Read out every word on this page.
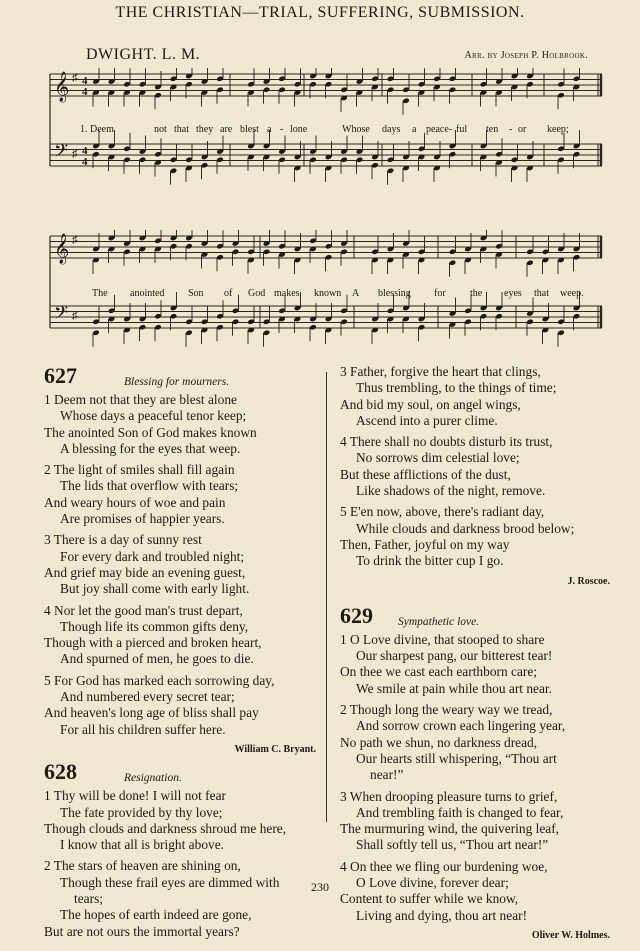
THE CHRISTIAN—TRIAL, SUFFERING, SUBMISSION.
DWIGHT. L. M.	Arr. by Joseph P. Holbrook.
𝄞
𝄢
♯
♯
4
4
4
4
1. Deem	not that they are blest a - lone	Whose days a peace - ful ten - or keep;
𝄞
𝄢
♯
♯
The anointed Son of God makes known A blessing for the eyes that weep.
627	Blessing for mourners.
1 Deem not that they are blest alone
Whose days a peaceful tenor keep;
The anointed Son of God makes known
A blessing for the eyes that weep.
2 The light of smiles shall fill again
The lids that overflow with tears;
And weary hours of woe and pain
Are promises of happier years.
3 There is a day of sunny rest
For every dark and troubled night;
And grief may bide an evening guest,
But joy shall come with early light.
4 Nor let the good man's trust depart,
Though life its common gifts deny,
Though with a pierced and broken heart,
And spurned of men, he goes to die.
5 For God has marked each sorrowing day,
And numbered every secret tear;
And heaven's long age of bliss shall pay
For all his children suffer here.
William C. Bryant.
628	Resignation.
1 Thy will be done! I will not fear
The fate provided by thy love;
Though clouds and darkness shroud me here,
I know that all is bright above.
2 The stars of heaven are shining on,
Though these frail eyes are dimmed with
tears;
The hopes of earth indeed are gone,
But are not ours the immortal years?
3 Father, forgive the heart that clings,
Thus trembling, to the things of time;
And bid my soul, on angel wings,
Ascend into a purer clime.
4 There shall no doubts disturb its trust,
No sorrows dim celestial love;
But these afflictions of the dust,
Like shadows of the night, remove.
5 E'en now, above, there's radiant day,
While clouds and darkness brood below;
Then, Father, joyful on my way
To drink the bitter cup I go.
J. Roscoe.
629 Sympathetic love.
1 O Love divine, that stooped to share
Our sharpest pang, our bitterest tear!
On thee we cast each earthborn care;
We smile at pain while thou art near.
2 Though long the weary way we tread,
And sorrow crown each lingering year,
No path we shun, no darkness dread,
Our hearts still whispering, “Thou art
near!”
3 When drooping pleasure turns to grief,
And trembling faith is changed to fear,
The murmuring wind, the quivering leaf,
Shall softly tell us, “Thou art near!”
4 On thee we fling our burdening woe,
O Love divine, forever dear;
Content to suffer while we know,
Living and dying, thou art near!
Oliver W. Holmes.
230
